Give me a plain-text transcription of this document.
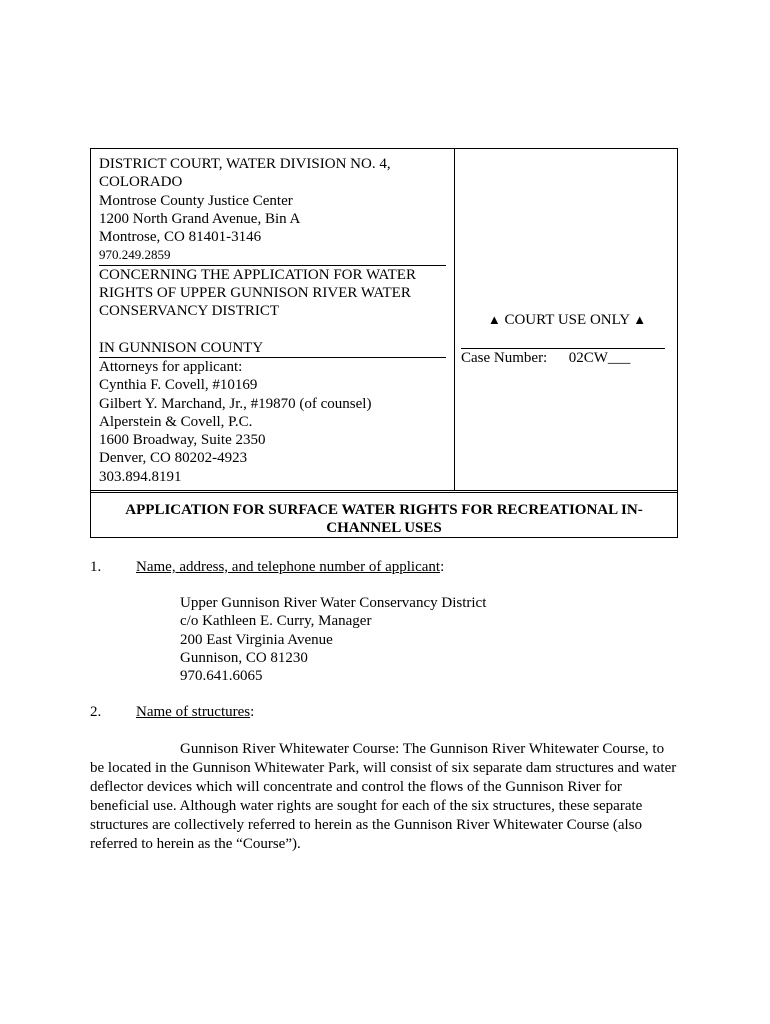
DISTRICT COURT, WATER DIVISION NO. 4,
COLORADO
Montrose County Justice Center
1200 North Grand Avenue, Bin A
Montrose, CO 81401-3146
970.249.2859
CONCERNING THE APPLICATION FOR WATER
RIGHTS OF UPPER GUNNISON RIVER WATER
CONSERVANCY DISTRICT
IN GUNNISON COUNTY
Attorneys for applicant:
Cynthia F. Covell, #10169
Gilbert Y. Marchand, Jr., #19870 (of counsel)
Alperstein & Covell, P.C.
1600 Broadway, Suite 2350
Denver, CO 80202-4923
303.894.8191
▲ COURT USE ONLY ▲
Case Number: 02CW___
APPLICATION FOR SURFACE WATER RIGHTS FOR RECREATIONAL IN-
CHANNEL USES
1. Name, address, and telephone number of applicant:
Upper Gunnison River Water Conservancy District
c/o Kathleen E. Curry, Manager
200 East Virginia Avenue
Gunnison, CO 81230
970.641.6065
2. Name of structures:
Gunnison River Whitewater Course: The Gunnison River Whitewater Course, to be located in the Gunnison Whitewater Park, will consist of six separate dam structures and water deflector devices which will concentrate and control the flows of the Gunnison River for beneficial use. Although water rights are sought for each of the six structures, these separate structures are collectively referred to herein as the Gunnison River Whitewater Course (also referred to herein as the “Course”).
